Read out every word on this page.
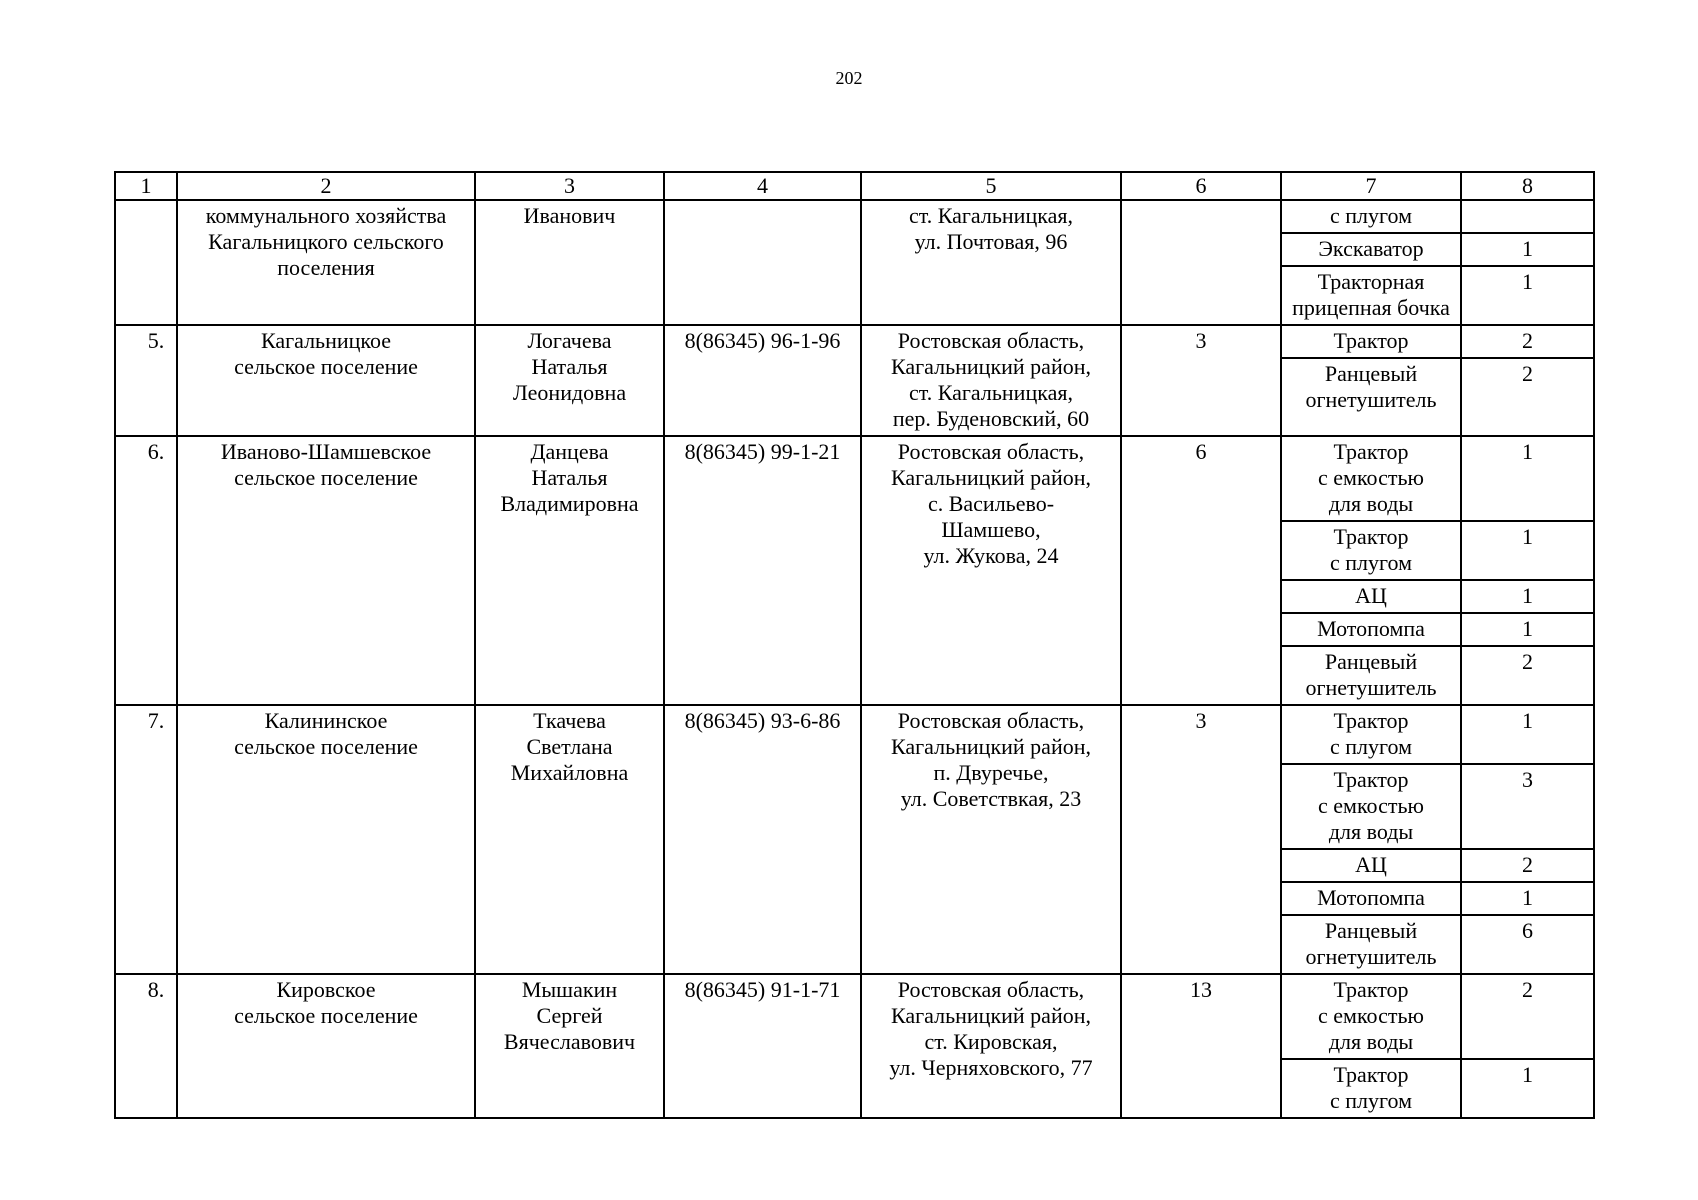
202
1	2	3	4	5	6	7	8

	коммунального хозяйства
Кагальницкого сельского
поселения	Иванович		ст. Кагальницкая,
ул. Почтовая, 96		с плугом	

						Экскаватор	1

						Тракторная
прицепная бочка	1

5.	Кагальницкое
сельское поселение	Логачева
Наталья
Леонидовна	8(86345) 96-1-96	Ростовская область,
Кагальницкий район,
ст. Кагальницкая,
пер. Буденовский, 60	3	Трактор	2

						Ранцевый
огнетушитель	2

6.	Иваново-Шамшевское
сельское поселение	Данцева
Наталья
Владимировна	8(86345) 99-1-21	Ростовская область,
Кагальницкий район,
с. Васильево-
Шамшево,
ул. Жукова, 24	6	Трактор
с емкостью
для воды	1

						Трактор
с плугом	1

						АЦ	1

						Мотопомпа	1

						Ранцевый
огнетушитель	2

7.	Калининское
сельское поселение	Ткачева
Светлана
Михайловна	8(86345) 93-6-86	Ростовская область,
Кагальницкий район,
п. Двуречье,
ул. Советствкая, 23	3	Трактор
с плугом	1

						Трактор
с емкостью
для воды	3

						АЦ	2

						Мотопомпа	1

						Ранцевый
огнетушитель	6

8.	Кировское
сельское поселение	Мышакин
Сергей
Вячеславович	8(86345) 91-1-71	Ростовская область,
Кагальницкий район,
ст. Кировская,
ул. Черняховского, 77	13	Трактор
с емкостью
для воды	2

						Трактор
с плугом	1
